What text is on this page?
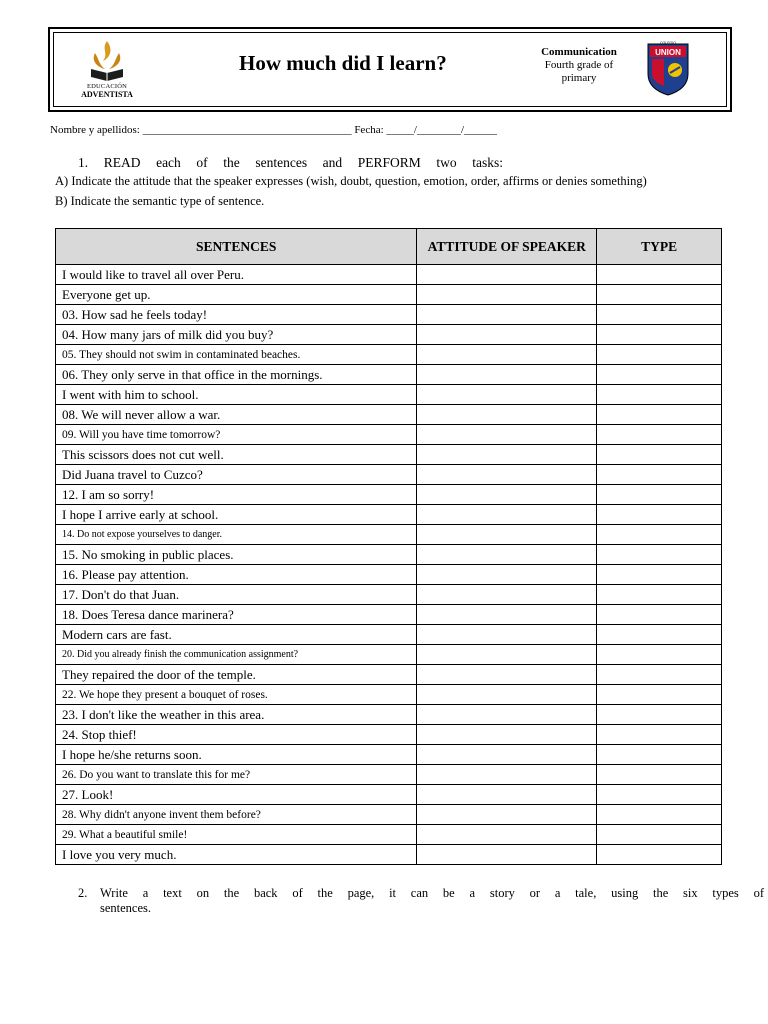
EDUCACIÓN
ADVENTISTA
How much did I learn?	Communication
Fourth grade of
primary
UNION
COLEGIO
Nombre y apellidos: ______________________________________ Fecha: _____/________/______
1. READ each of the sentences and PERFORM two tasks:
A) Indicate the attitude that the speaker expresses (wish, doubt, question, emotion, order, affirms or denies something)
B) Indicate the semantic type of sentence.
SENTENCES	ATTITUDE OF SPEAKER	TYPE
I would like to travel all over Peru.		
Everyone get up.		
03. How sad he feels today!		
04. How many jars of milk did you buy?		
05. They should not swim in contaminated beaches.		
06. They only serve in that office in the mornings.		
I went with him to school.		
08. We will never allow a war.		
09. Will you have time tomorrow?		
This scissors does not cut well.		
Did Juana travel to Cuzco?		
12. I am so sorry!		
I hope I arrive early at school.		
14. Do not expose yourselves to danger.		
15. No smoking in public places.		
16. Please pay attention.		
17. Don't do that Juan.		
18. Does Teresa dance marinera?		
Modern cars are fast.		
20. Did you already finish the communication assignment?		
They repaired the door of the temple.		
22. We hope they present a bouquet of roses.		
23. I don't like the weather in this area.		
24. Stop thief!		
I hope he/she returns soon.		
26. Do you want to translate this for me?		
27. Look!		
28. Why didn't anyone invent them before?		
29. What a beautiful smile!		
I love you very much.		
2.	Write a text on the back of the page, it can be a story or a tale, using the six types of
sentences.
